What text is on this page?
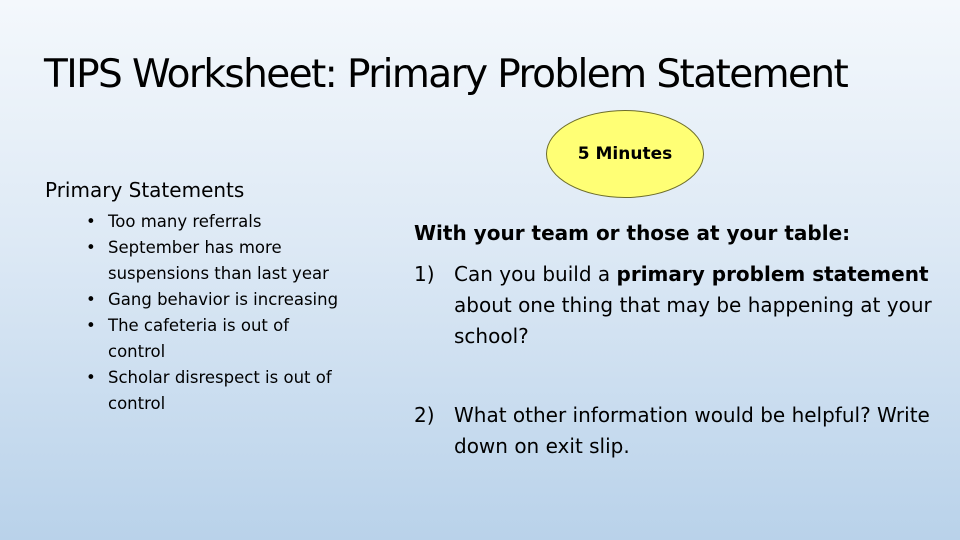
TIPS Worksheet: Primary Problem Statement
5 Minutes
Primary Statements
• Too many referrals
• September has more suspensions than last year
• Gang behavior is increasing
• The cafeteria is out of control
• Scholar disrespect is out of control
With your team or those at your table:
1) Can you build a primary problem statement about one thing that may be happening at your school?
2) What other information would be helpful? Write down on exit slip.
